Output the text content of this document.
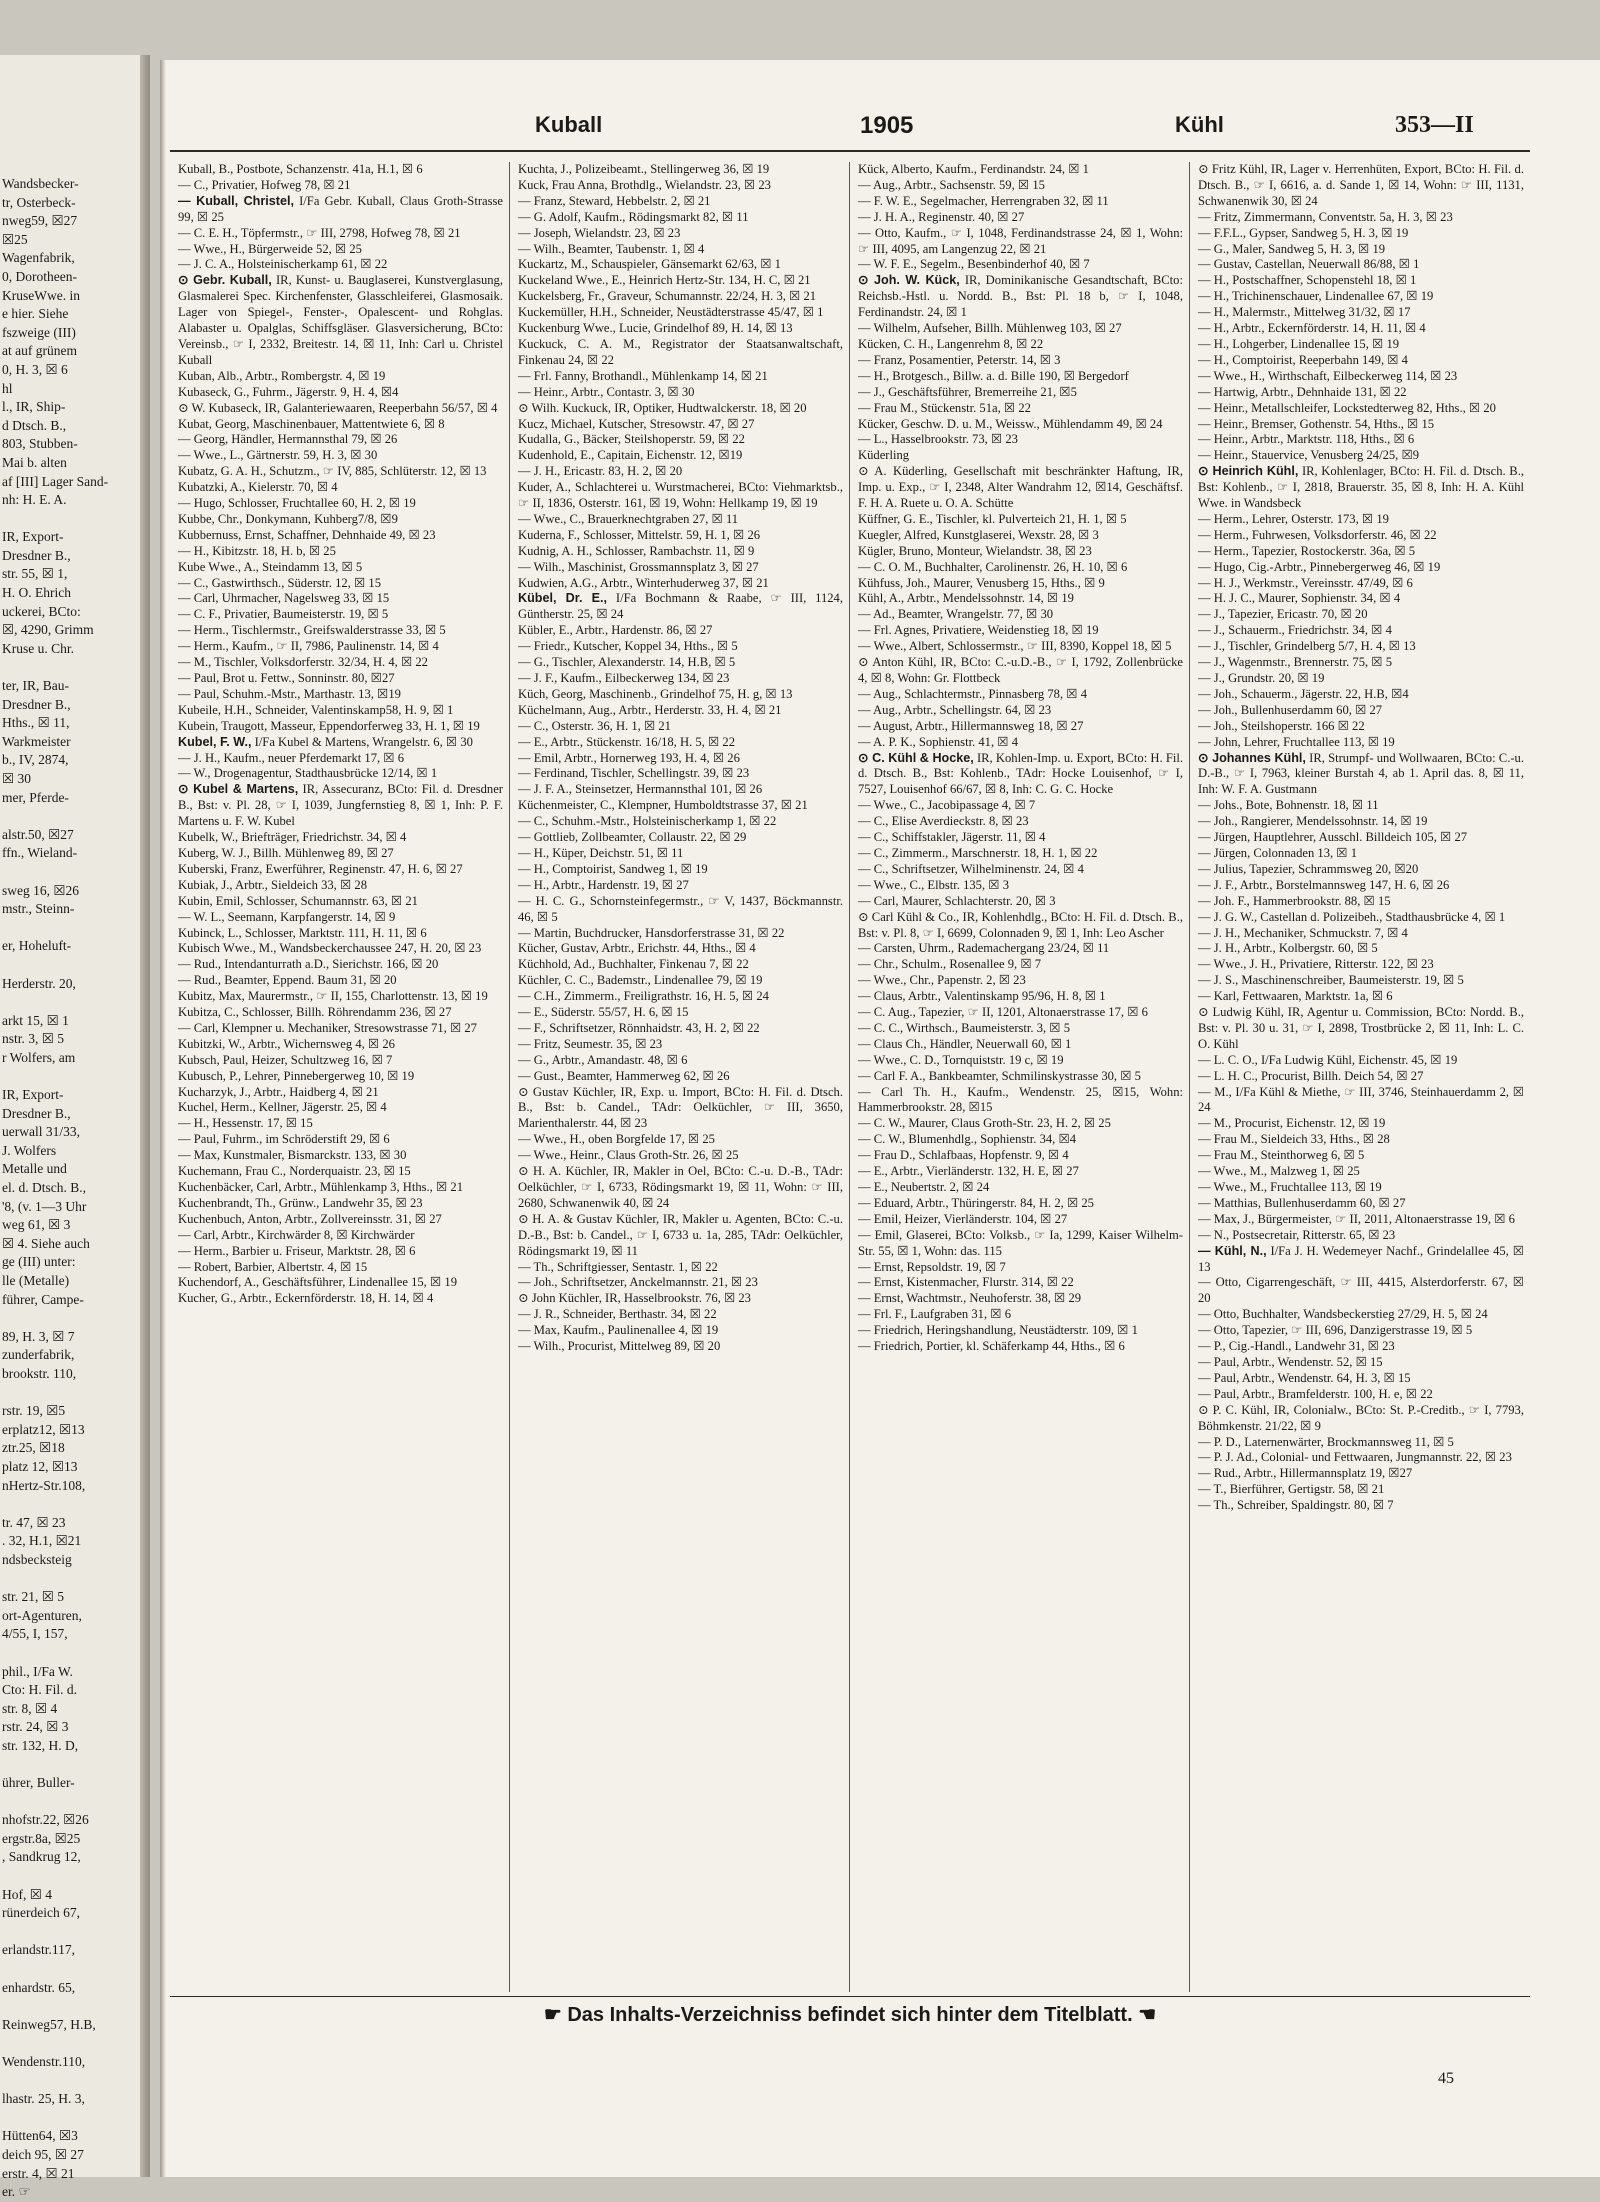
Wandsbecker-
tr, Osterbeck-
nweg59, ☒27
☒25
Wagenfabrik,
0, Dorotheen-
KruseWwe. in
e hier. Siehe
fszweige (III)
at auf grünem
0, H. 3, ☒ 6
hl
l., IR, Ship-
d Dtsch. B.,
803, Stubben-
Mai b. alten
af [III] Lager Sand-
nh: H. E. A.

IR, Export-
Dresdner B.,
str. 55, ☒ 1,
H. O. Ehrich
uckerei, BCto:
☒, 4290, Grimm
Kruse u. Chr.

ter, IR, Bau-
Dresdner B.,
Hths., ☒ 11,
Warkmeister
b., IV, 2874,
☒ 30
mer, Pferde-

alstr.50, ☒27
ffn., Wieland-

sweg 16, ☒26
mstr., Steinn-

er, Hoheluft-

Herderstr. 20,

arkt 15, ☒ 1
nstr. 3, ☒ 5
r Wolfers, am

IR, Export-
Dresdner B.,
uerwall 31/33,
J. Wolfers
Metalle und
el. d. Dtsch. B.,
'8, (v. 1—3 Uhr
weg 61, ☒ 3
☒ 4. Siehe auch
ge (III) unter:
lle (Metalle)
führer, Campe-

89, H. 3, ☒ 7
zunderfabrik,
brookstr. 110,

rstr. 19, ☒5
erplatz12, ☒13
ztr.25, ☒18
platz 12, ☒13
nHertz-Str.108,

tr. 47, ☒ 23
. 32, H.1, ☒21
ndsbecksteig

str. 21, ☒ 5
ort-Agenturen,
4/55, I, 157,

phil., I/Fa W.
Cto: H. Fil. d.
str. 8, ☒ 4
rstr. 24, ☒ 3
str. 132, H. D,

ührer, Buller-

nhofstr.22, ☒26
ergstr.8a, ☒25
, Sandkrug 12,

Hof, ☒ 4
rünerdeich 67,

erlandstr.117,

enhardstr. 65,

Reinweg57, H.B,

Wendenstr.110,

lhastr. 25, H. 3,

Hütten64, ☒3
deich 95, ☒ 27
erstr. 4, ☒ 21
er. ☞
Kuball	1905	Kühl	353—II
Kuball, B., Postbote, Schanzenstr. 41a, H.1, ☒ 6
— C., Privatier, Hofweg 78, ☒ 21
— Kuball, Christel, I/Fa Gebr. Kuball, Claus Groth-Strasse 99, ☒ 25
— C. E. H., Töpfermstr., ☞ III, 2798, Hofweg 78, ☒ 21
— Wwe., H., Bürgerweide 52, ☒ 25
— J. C. A., Holsteinischerkamp 61, ☒ 22
⊙ Gebr. Kuball, IR, Kunst- u. Bauglaserei, Kunstverglasung, Glasmalerei Spec. Kirchenfenster, Glasschleiferei, Glasmosaik. Lager von Spiegel-, Fenster-, Opalescent- und Rohglas. Alabaster u. Opalglas, Schiffsgläser. Glasversicherung, BCto: Vereinsb., ☞ I, 2332, Breitestr. 14, ☒ 11, Inh: Carl u. Christel Kuball
Kuban, Alb., Arbtr., Rombergstr. 4, ☒ 19
Kubaseck, G., Fuhrm., Jägerstr. 9, H. 4, ☒4
⊙ W. Kubaseck, IR, Galanteriewaaren, Reeperbahn 56/57, ☒ 4
Kubat, Georg, Maschinenbauer, Mattentwiete 6, ☒ 8
— Georg, Händler, Hermannsthal 79, ☒ 26
— Wwe., L., Gärtnerstr. 59, H. 3, ☒ 30
Kubatz, G. A. H., Schutzm., ☞ IV, 885, Schlüterstr. 12, ☒ 13
Kubatzki, A., Kielerstr. 70, ☒ 4
— Hugo, Schlosser, Fruchtallee 60, H. 2, ☒ 19
Kubbe, Chr., Donkymann, Kuhberg7/8, ☒9
Kubbernuss, Ernst, Schaffner, Dehnhaide 49, ☒ 23
— H., Kibitzstr. 18, H. b, ☒ 25
Kube Wwe., A., Steindamm 13, ☒ 5
— C., Gastwirthsch., Süderstr. 12, ☒ 15
— Carl, Uhrmacher, Nagelsweg 33, ☒ 15
— C. F., Privatier, Baumeisterstr. 19, ☒ 5
— Herm., Tischlermstr., Greifswalderstrasse 33, ☒ 5
— Herm., Kaufm., ☞ II, 7986, Paulinenstr. 14, ☒ 4
— M., Tischler, Volksdorferstr. 32/34, H. 4, ☒ 22
— Paul, Brot u. Fettw., Sonninstr. 80, ☒27
— Paul, Schuhm.-Mstr., Marthastr. 13, ☒19
Kubeile, H.H., Schneider, Valentinskamp58, H. 9, ☒ 1
Kubein, Traugott, Masseur, Eppendorferweg 33, H. 1, ☒ 19
Kubel, F. W., I/Fa Kubel & Martens, Wrangelstr. 6, ☒ 30
— J. H., Kaufm., neuer Pferdemarkt 17, ☒ 6
— W., Drogenagentur, Stadthausbrücke 12/14, ☒ 1
⊙ Kubel & Martens, IR, Assecuranz, BCto: Fil. d. Dresdner B., Bst: v. Pl. 28, ☞ I, 1039, Jungfernstieg 8, ☒ 1, Inh: P. F. Martens u. F. W. Kubel
Kubelk, W., Briefträger, Friedrichstr. 34, ☒ 4
Kuberg, W. J., Billh. Mühlenweg 89, ☒ 27
Kuberski, Franz, Ewerführer, Reginenstr. 47, H. 6, ☒ 27
Kubiak, J., Arbtr., Sieldeich 33, ☒ 28
Kubin, Emil, Schlosser, Schumannstr. 63, ☒ 21
— W. L., Seemann, Karpfangerstr. 14, ☒ 9
Kubinck, L., Schlosser, Marktstr. 111, H. 11, ☒ 6
Kubisch Wwe., M., Wandsbeckerchaussee 247, H. 20, ☒ 23
— Rud., Intendanturrath a.D., Sierichstr. 166, ☒ 20
— Rud., Beamter, Eppend. Baum 31, ☒ 20
Kubitz, Max, Maurermstr., ☞ II, 155, Charlottenstr. 13, ☒ 19
Kubitza, C., Schlosser, Billh. Röhrendamm 236, ☒ 27
— Carl, Klempner u. Mechaniker, Stresowstrasse 71, ☒ 27
Kubitzki, W., Arbtr., Wichernsweg 4, ☒ 26
Kubsch, Paul, Heizer, Schultzweg 16, ☒ 7
Kubusch, P., Lehrer, Pinnebergerweg 10, ☒ 19
Kucharzyk, J., Arbtr., Haidberg 4, ☒ 21
Kuchel, Herm., Kellner, Jägerstr. 25, ☒ 4
— H., Hessenstr. 17, ☒ 15
— Paul, Fuhrm., im Schröderstift 29, ☒ 6
— Max, Kunstmaler, Bismarckstr. 133, ☒ 30
Kuchemann, Frau C., Norderquaistr. 23, ☒ 15
Kuchenbäcker, Carl, Arbtr., Mühlenkamp 3, Hths., ☒ 21
Kuchenbrandt, Th., Grünw., Landwehr 35, ☒ 23
Kuchenbuch, Anton, Arbtr., Zollvereinsstr. 31, ☒ 27
— Carl, Arbtr., Kirchwärder 8, ☒ Kirchwärder
— Herm., Barbier u. Friseur, Marktstr. 28, ☒ 6
— Robert, Barbier, Albertstr. 4, ☒ 15
Kuchendorf, A., Geschäftsführer, Lindenallee 15, ☒ 19
Kucher, G., Arbtr., Eckernförderstr. 18, H. 14, ☒ 4
Kuchta, J., Polizeibeamt., Stellingerweg 36, ☒ 19
Kuck, Frau Anna, Brothdlg., Wielandstr. 23, ☒ 23
— Franz, Steward, Hebbelstr. 2, ☒ 21
— G. Adolf, Kaufm., Rödingsmarkt 82, ☒ 11
— Joseph, Wielandstr. 23, ☒ 23
— Wilh., Beamter, Taubenstr. 1, ☒ 4
Kuckartz, M., Schauspieler, Gänsemarkt 62/63, ☒ 1
Kuckeland Wwe., E., Heinrich Hertz-Str. 134, H. C, ☒ 21
Kuckelsberg, Fr., Graveur, Schumannstr. 22/24, H. 3, ☒ 21
Kuckemüller, H.H., Schneider, Neustädterstrasse 45/47, ☒ 1
Kuckenburg Wwe., Lucie, Grindelhof 89, H. 14, ☒ 13
Kuckuck, C. A. M., Registrator der Staatsanwaltschaft, Finkenau 24, ☒ 22
— Frl. Fanny, Brothandl., Mühlenkamp 14, ☒ 21
— Heinr., Arbtr., Contastr. 3, ☒ 30
⊙ Wilh. Kuckuck, IR, Optiker, Hudtwalckerstr. 18, ☒ 20
Kucz, Michael, Kutscher, Stresowstr. 47, ☒ 27
Kudalla, G., Bäcker, Steilshoperstr. 59, ☒ 22
Kudenhold, E., Capitain, Eichenstr. 12, ☒19
— J. H., Ericastr. 83, H. 2, ☒ 20
Kuder, A., Schlachterei u. Wurstmacherei, BCto: Viehmarktsb., ☞ II, 1836, Osterstr. 161, ☒ 19, Wohn: Hellkamp 19, ☒ 19
— Wwe., C., Brauerknechtgraben 27, ☒ 11
Kuderna, F., Schlosser, Mittelstr. 59, H. 1, ☒ 26
Kudnig, A. H., Schlosser, Rambachstr. 11, ☒ 9
— Wilh., Maschinist, Grossmannsplatz 3, ☒ 27
Kudwien, A.G., Arbtr., Winterhuderweg 37, ☒ 21
Kübel, Dr. E., I/Fa Bochmann & Raabe, ☞ III, 1124, Güntherstr. 25, ☒ 24
Kübler, E., Arbtr., Hardenstr. 86, ☒ 27
— Friedr., Kutscher, Koppel 34, Hths., ☒ 5
— G., Tischler, Alexanderstr. 14, H.B, ☒ 5
— J. F., Kaufm., Eilbeckerweg 134, ☒ 23
Küch, Georg, Maschinenb., Grindelhof 75, H. g, ☒ 13
Küchelmann, Aug., Arbtr., Herderstr. 33, H. 4, ☒ 21
— C., Osterstr. 36, H. 1, ☒ 21
— E., Arbtr., Stückenstr. 16/18, H. 5, ☒ 22
— Emil, Arbtr., Hornerweg 193, H. 4, ☒ 26
— Ferdinand, Tischler, Schellingstr. 39, ☒ 23
— J. F. A., Steinsetzer, Hermannsthal 101, ☒ 26
Küchenmeister, C., Klempner, Humboldtstrasse 37, ☒ 21
— C., Schuhm.-Mstr., Holsteinischerkamp 1, ☒ 22
— Gottlieb, Zollbeamter, Collaustr. 22, ☒ 29
— H., Küper, Deichstr. 51, ☒ 11
— H., Comptoirist, Sandweg 1, ☒ 19
— H., Arbtr., Hardenstr. 19, ☒ 27
— H. C. G., Schornsteinfegermstr., ☞ V, 1437, Böckmannstr. 46, ☒ 5
— Martin, Buchdrucker, Hansdorferstrasse 31, ☒ 22
Kücher, Gustav, Arbtr., Erichstr. 44, Hths., ☒ 4
Küchhold, Ad., Buchhalter, Finkenau 7, ☒ 22
Küchler, C. C., Bademstr., Lindenallee 79, ☒ 19
— C.H., Zimmerm., Freiligrathstr. 16, H. 5, ☒ 24
— E., Süderstr. 55/57, H. 6, ☒ 15
— F., Schriftsetzer, Rönnhaidstr. 43, H. 2, ☒ 22
— Fritz, Seumestr. 35, ☒ 23
— G., Arbtr., Amandastr. 48, ☒ 6
— Gust., Beamter, Hammerweg 62, ☒ 26
⊙ Gustav Küchler, IR, Exp. u. Import, BCto: H. Fil. d. Dtsch. B., Bst: b. Candel., TAdr: Oelküchler, ☞ III, 3650, Marienthalerstr. 44, ☒ 23
— Wwe., H., oben Borgfelde 17, ☒ 25
— Wwe., Heinr., Claus Groth-Str. 26, ☒ 25
⊙ H. A. Küchler, IR, Makler in Oel, BCto: C.-u. D.-B., TAdr: Oelküchler, ☞ I, 6733, Rödingsmarkt 19, ☒ 11, Wohn: ☞ III, 2680, Schwanenwik 40, ☒ 24
⊙ H. A. & Gustav Küchler, IR, Makler u. Agenten, BCto: C.-u. D.-B., Bst: b. Candel., ☞ I, 6733 u. 1a, 285, TAdr: Oelküchler, Rödingsmarkt 19, ☒ 11
— Th., Schriftgiesser, Sentastr. 1, ☒ 22
— Joh., Schriftsetzer, Anckelmannstr. 21, ☒ 23
⊙ John Küchler, IR, Hasselbrookstr. 76, ☒ 23
— J. R., Schneider, Berthastr. 34, ☒ 22
— Max, Kaufm., Paulinenallee 4, ☒ 19
— Wilh., Procurist, Mittelweg 89, ☒ 20
Kück, Alberto, Kaufm., Ferdinandstr. 24, ☒ 1
— Aug., Arbtr., Sachsenstr. 59, ☒ 15
— F. W. E., Segelmacher, Herrengraben 32, ☒ 11
— J. H. A., Reginenstr. 40, ☒ 27
— Otto, Kaufm., ☞ I, 1048, Ferdinandstrasse 24, ☒ 1, Wohn: ☞ III, 4095, am Langenzug 22, ☒ 21
— W. F. E., Segelm., Besenbinderhof 40, ☒ 7
⊙ Joh. W. Kück, IR, Dominikanische Gesandtschaft, BCto: Reichsb.-Hstl. u. Nordd. B., Bst: Pl. 18 b, ☞ I, 1048, Ferdinandstr. 24, ☒ 1
— Wilhelm, Aufseher, Billh. Mühlenweg 103, ☒ 27
Kücken, C. H., Langenrehm 8, ☒ 22
— Franz, Posamentier, Peterstr. 14, ☒ 3
— H., Brotgesch., Billw. a. d. Bille 190, ☒ Bergedorf
— J., Geschäftsführer, Bremerreihe 21, ☒5
— Frau M., Stückenstr. 51a, ☒ 22
Kücker, Geschw. D. u. M., Weissw., Mühlendamm 49, ☒ 24
— L., Hasselbrookstr. 73, ☒ 23
Küderling
⊙ A. Küderling, Gesellschaft mit beschränkter Haftung, IR, Imp. u. Exp., ☞ I, 2348, Alter Wandrahm 12, ☒14, Geschäftsf. F. H. A. Ruete u. O. A. Schütte
Küffner, G. E., Tischler, kl. Pulverteich 21, H. 1, ☒ 5
Kuegler, Alfred, Kunstglaserei, Wexstr. 28, ☒ 3
Kügler, Bruno, Monteur, Wielandstr. 38, ☒ 23
— C. O. M., Buchhalter, Carolinenstr. 26, H. 10, ☒ 6
Kühfuss, Joh., Maurer, Venusberg 15, Hths., ☒ 9
Kühl, A., Arbtr., Mendelssohnstr. 14, ☒ 19
— Ad., Beamter, Wrangelstr. 77, ☒ 30
— Frl. Agnes, Privatiere, Weidenstieg 18, ☒ 19
— Wwe., Albert, Schlossermstr., ☞ III, 8390, Koppel 18, ☒ 5
⊙ Anton Kühl, IR, BCto: C.-u.D.-B., ☞ I, 1792, Zollenbrücke 4, ☒ 8, Wohn: Gr. Flottbeck
— Aug., Schlachtermstr., Pinnasberg 78, ☒ 4
— Aug., Arbtr., Schellingstr. 64, ☒ 23
— August, Arbtr., Hillermannsweg 18, ☒ 27
— A. P. K., Sophienstr. 41, ☒ 4
⊙ C. Kühl & Hocke, IR, Kohlen-Imp. u. Export, BCto: H. Fil. d. Dtsch. B., Bst: Kohlenb., TAdr: Hocke Louisenhof, ☞ I, 7527, Louisenhof 66/67, ☒ 8, Inh: C. G. C. Hocke
— Wwe., C., Jacobipassage 4, ☒ 7
— C., Elise Averdieckstr. 8, ☒ 23
— C., Schiffstakler, Jägerstr. 11, ☒ 4
— C., Zimmerm., Marschnerstr. 18, H. 1, ☒ 22
— C., Schriftsetzer, Wilhelminenstr. 24, ☒ 4
— Wwe., C., Elbstr. 135, ☒ 3
— Carl, Maurer, Schlachterstr. 20, ☒ 3
⊙ Carl Kühl & Co., IR, Kohlenhdlg., BCto: H. Fil. d. Dtsch. B., Bst: v. Pl. 8, ☞ I, 6699, Colonnaden 9, ☒ 1, Inh: Leo Ascher
— Carsten, Uhrm., Rademachergang 23/24, ☒ 11
— Chr., Schulm., Rosenallee 9, ☒ 7
— Wwe., Chr., Papenstr. 2, ☒ 23
— Claus, Arbtr., Valentinskamp 95/96, H. 8, ☒ 1
— C. Aug., Tapezier, ☞ II, 1201, Altonaerstrasse 17, ☒ 6
— C. C., Wirthsch., Baumeisterstr. 3, ☒ 5
— Claus Ch., Händler, Neuerwall 60, ☒ 1
— Wwe., C. D., Tornquiststr. 19 c, ☒ 19
— Carl F. A., Bankbeamter, Schmilinskystrasse 30, ☒ 5
— Carl Th. H., Kaufm., Wendenstr. 25, ☒15, Wohn: Hammerbrookstr. 28, ☒15
— C. W., Maurer, Claus Groth-Str. 23, H. 2, ☒ 25
— C. W., Blumenhdlg., Sophienstr. 34, ☒4
— Frau D., Schlafbaas, Hopfenstr. 9, ☒ 4
— E., Arbtr., Vierländerstr. 132, H. E, ☒ 27
— E., Neubertstr. 2, ☒ 24
— Eduard, Arbtr., Thüringerstr. 84, H. 2, ☒ 25
— Emil, Heizer, Vierländerstr. 104, ☒ 27
— Emil, Glaserei, BCto: Volksb., ☞ Ia, 1299, Kaiser Wilhelm-Str. 55, ☒ 1, Wohn: das. 115
— Ernst, Repsoldstr. 19, ☒ 7
— Ernst, Kistenmacher, Flurstr. 314, ☒ 22
— Ernst, Wachtmstr., Neuhoferstr. 38, ☒ 29
— Frl. F., Laufgraben 31, ☒ 6
— Friedrich, Heringshandlung, Neustädterstr. 109, ☒ 1
— Friedrich, Portier, kl. Schäferkamp 44, Hths., ☒ 6
⊙ Fritz Kühl, IR, Lager v. Herrenhüten, Export, BCto: H. Fil. d. Dtsch. B., ☞ I, 6616, a. d. Sande 1, ☒ 14, Wohn: ☞ III, 1131, Schwanenwik 30, ☒ 24
— Fritz, Zimmermann, Conventstr. 5a, H. 3, ☒ 23
— F.F.L., Gypser, Sandweg 5, H. 3, ☒ 19
— G., Maler, Sandweg 5, H. 3, ☒ 19
— Gustav, Castellan, Neuerwall 86/88, ☒ 1
— H., Postschaffner, Schopenstehl 18, ☒ 1
— H., Trichinenschauer, Lindenallee 67, ☒ 19
— H., Malermstr., Mittelweg 31/32, ☒ 17
— H., Arbtr., Eckernförderstr. 14, H. 11, ☒ 4
— H., Lohgerber, Lindenallee 15, ☒ 19
— H., Comptoirist, Reeperbahn 149, ☒ 4
— Wwe., H., Wirthschaft, Eilbeckerweg 114, ☒ 23
— Hartwig, Arbtr., Dehnhaide 131, ☒ 22
— Heinr., Metallschleifer, Lockstedterweg 82, Hths., ☒ 20
— Heinr., Bremser, Gothenstr. 54, Hths., ☒ 15
— Heinr., Arbtr., Marktstr. 118, Hths., ☒ 6
— Heinr., Stauervice, Venusberg 24/25, ☒9
⊙ Heinrich Kühl, IR, Kohlenlager, BCto: H. Fil. d. Dtsch. B., Bst: Kohlenb., ☞ I, 2818, Brauerstr. 35, ☒ 8, Inh: H. A. Kühl Wwe. in Wandsbeck
— Herm., Lehrer, Osterstr. 173, ☒ 19
— Herm., Fuhrwesen, Volksdorferstr. 46, ☒ 22
— Herm., Tapezier, Rostockerstr. 36a, ☒ 5
— Hugo, Cig.-Arbtr., Pinnebergerweg 46, ☒ 19
— H. J., Werkmstr., Vereinsstr. 47/49, ☒ 6
— H. J. C., Maurer, Sophienstr. 34, ☒ 4
— J., Tapezier, Ericastr. 70, ☒ 20
— J., Schauerm., Friedrichstr. 34, ☒ 4
— J., Tischler, Grindelberg 5/7, H. 4, ☒ 13
— J., Wagenmstr., Brennerstr. 75, ☒ 5
— J., Grundstr. 20, ☒ 19
— Joh., Schauerm., Jägerstr. 22, H.B, ☒4
— Joh., Bullenhuserdamm 60, ☒ 27
— Joh., Steilshoperstr. 166 ☒ 22
— John, Lehrer, Fruchtallee 113, ☒ 19
⊙ Johannes Kühl, IR, Strumpf- und Wollwaaren, BCto: C.-u. D.-B., ☞ I, 7963, kleiner Burstah 4, ab 1. April das. 8, ☒ 11, Inh: W. F. A. Gustmann
— Johs., Bote, Bohnenstr. 18, ☒ 11
— Joh., Rangierer, Mendelssohnstr. 14, ☒ 19
— Jürgen, Hauptlehrer, Ausschl. Billdeich 105, ☒ 27
— Jürgen, Colonnaden 13, ☒ 1
— Julius, Tapezier, Schrammsweg 20, ☒20
— J. F., Arbtr., Borstelmannsweg 147, H. 6, ☒ 26
— Joh. F., Hammerbrookstr. 88, ☒ 15
— J. G. W., Castellan d. Polizeibeh., Stadthausbrücke 4, ☒ 1
— J. H., Mechaniker, Schmuckstr. 7, ☒ 4
— J. H., Arbtr., Kolbergstr. 60, ☒ 5
— Wwe., J. H., Privatiere, Ritterstr. 122, ☒ 23
— J. S., Maschinenschreiber, Baumeisterstr. 19, ☒ 5
— Karl, Fettwaaren, Marktstr. 1a, ☒ 6
⊙ Ludwig Kühl, IR, Agentur u. Commission, BCto: Nordd. B., Bst: v. Pl. 30 u. 31, ☞ I, 2898, Trostbrücke 2, ☒ 11, Inh: L. C. O. Kühl
— L. C. O., I/Fa Ludwig Kühl, Eichenstr. 45, ☒ 19
— L. H. C., Procurist, Billh. Deich 54, ☒ 27
— M., I/Fa Kühl & Miethe, ☞ III, 3746, Steinhauerdamm 2, ☒ 24
— M., Procurist, Eichenstr. 12, ☒ 19
— Frau M., Sieldeich 33, Hths., ☒ 28
— Frau M., Steinthorweg 6, ☒ 5
— Wwe., M., Malzweg 1, ☒ 25
— Wwe., M., Fruchtallee 113, ☒ 19
— Matthias, Bullenhuserdamm 60, ☒ 27
— Max, J., Bürgermeister, ☞ II, 2011, Altonaerstrasse 19, ☒ 6
— N., Postsecretair, Ritterstr. 65, ☒ 23
— Kühl, N., I/Fa J. H. Wedemeyer Nachf., Grindelallee 45, ☒ 13
— Otto, Cigarrengeschäft, ☞ III, 4415, Alsterdorferstr. 67, ☒ 20
— Otto, Buchhalter, Wandsbeckerstieg 27/29, H. 5, ☒ 24
— Otto, Tapezier, ☞ III, 696, Danzigerstrasse 19, ☒ 5
— P., Cig.-Handl., Landwehr 31, ☒ 23
— Paul, Arbtr., Wendenstr. 52, ☒ 15
— Paul, Arbtr., Wendenstr. 64, H. 3, ☒ 15
— Paul, Arbtr., Bramfelderstr. 100, H. e, ☒ 22
⊙ P. C. Kühl, IR, Colonialw., BCto: St. P.-Creditb., ☞ I, 7793, Böhmkenstr. 21/22, ☒ 9
— P. D., Laternenwärter, Brockmannsweg 11, ☒ 5
— P. J. Ad., Colonial- und Fettwaaren, Jungmannstr. 22, ☒ 23
— Rud., Arbtr., Hillermannsplatz 19, ☒27
— T., Bierführer, Gertigstr. 58, ☒ 21
— Th., Schreiber, Spaldingstr. 80, ☒ 7
☛ Das Inhalts-Verzeichniss befindet sich hinter dem Titelblatt. ☚
45
